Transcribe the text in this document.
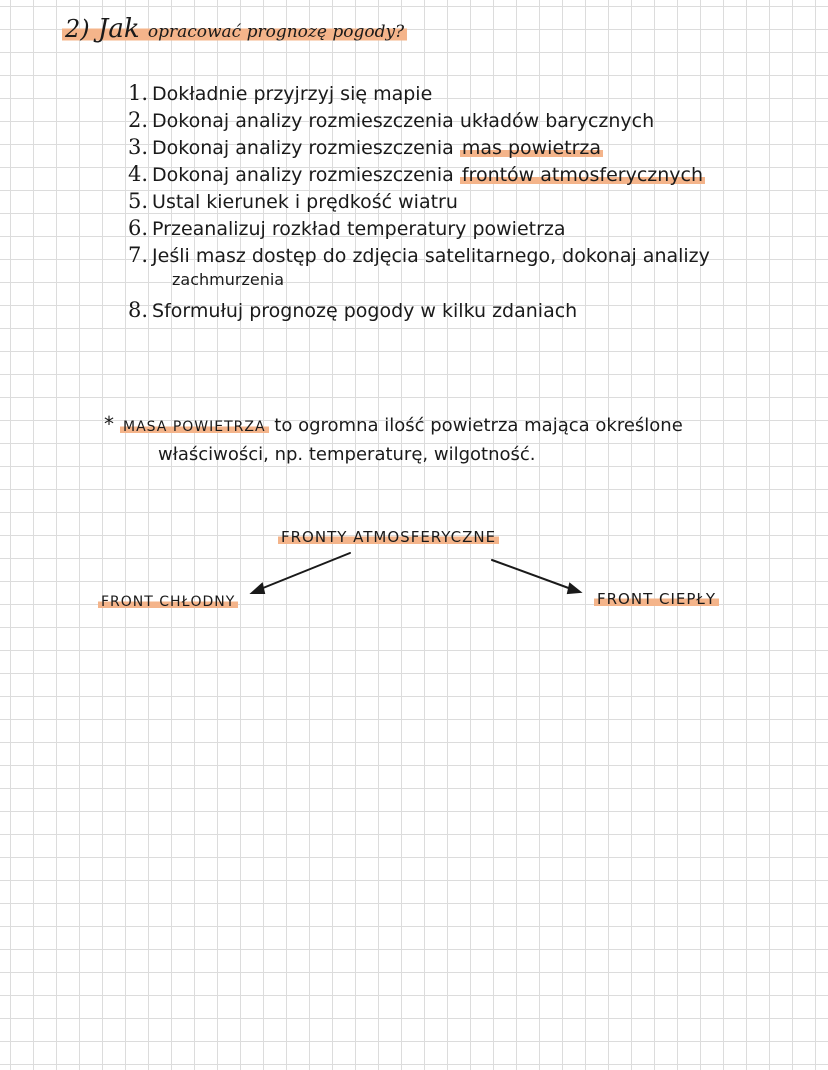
2) Jak opracować prognozę pogody?
1. Dokładnie przyjrzyj się mapie
2. Dokonaj analizy rozmieszczenia układów barycznych
3. Dokonaj analizy rozmieszczenia mas powietrza
4. Dokonaj analizy rozmieszczenia frontów atmosferycznych
5. Ustal kierunek i prędkość wiatru
6. Przeanalizuj rozkład temperatury powietrza
7. Jeśli masz dostęp do zdjęcia satelitarnego, dokonaj analizy
zachmurzenia
8. Sformułuj prognozę pogody w kilku zdaniach
* MASA POWIETRZA to ogromna ilość powietrza mająca określone
właściwości, np. temperaturę, wilgotność.
FRONTY ATMOSFERYCZNE
FRONT CHŁODNY	FRONT CIEPŁY
